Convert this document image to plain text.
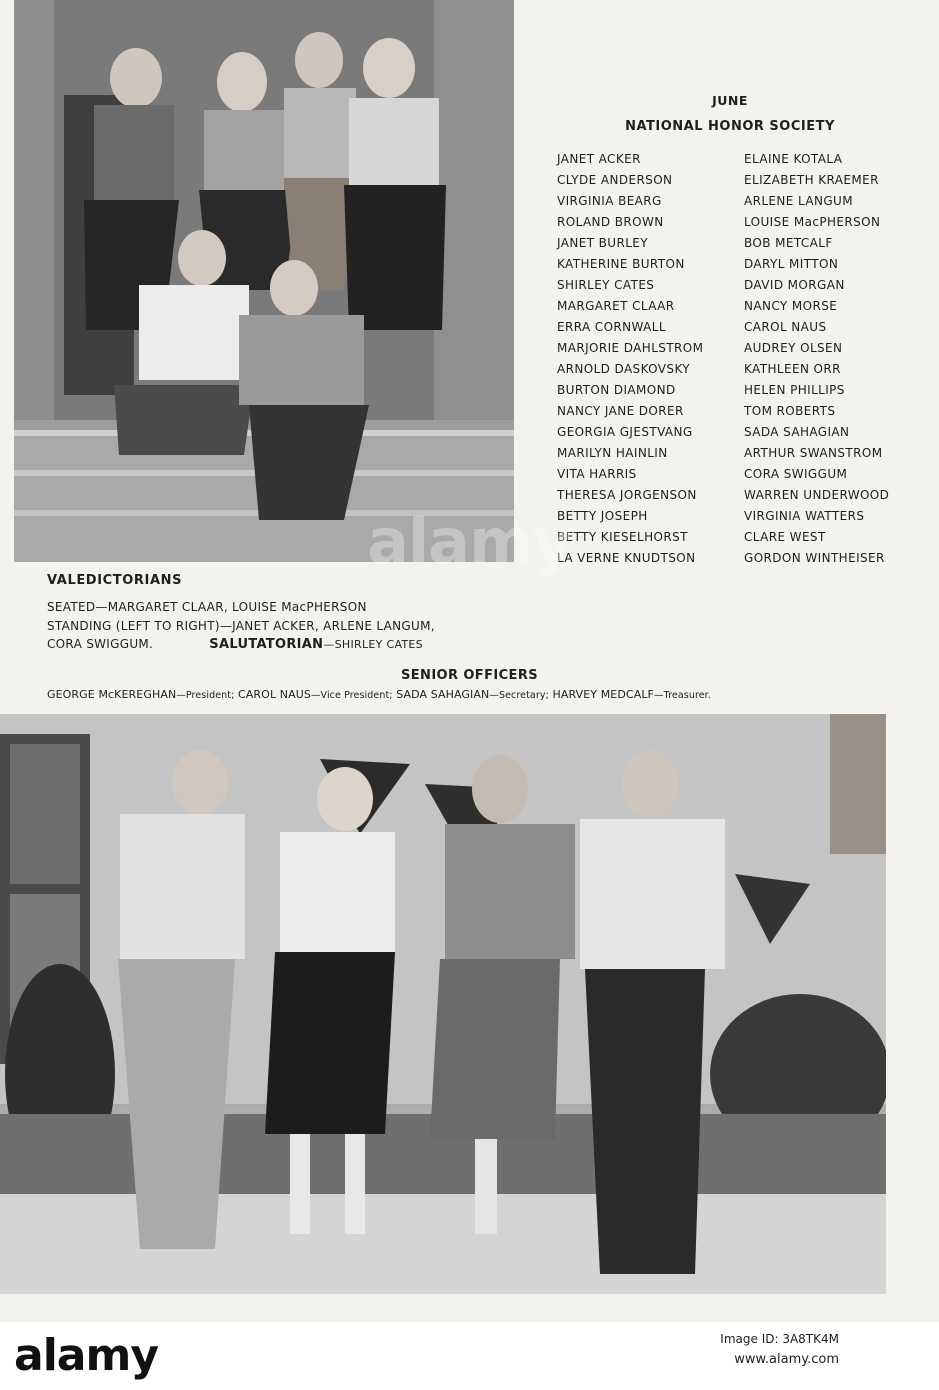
JUNE
NATIONAL HONOR SOCIETY
JANET ACKER
CLYDE ANDERSON
VIRGINIA BEARG
ROLAND BROWN
JANET BURLEY
KATHERINE BURTON
SHIRLEY CATES
MARGARET CLAAR
ERRA CORNWALL
MARJORIE DAHLSTROM
ARNOLD DASKOVSKY
BURTON DIAMOND
NANCY JANE DORER
GEORGIA GJESTVANG
MARILYN HAINLIN
VITA HARRIS
THERESA JORGENSON
BETTY JOSEPH
BETTY KIESELHORST
LA VERNE KNUDTSON
ELAINE KOTALA
ELIZABETH KRAEMER
ARLENE LANGUM
LOUISE MacPHERSON
BOB METCALF
DARYL MITTON
DAVID MORGAN
NANCY MORSE
CAROL NAUS
AUDREY OLSEN
KATHLEEN ORR
HELEN PHILLIPS
TOM ROBERTS
SADA SAHAGIAN
ARTHUR SWANSTROM
CORA SWIGGUM
WARREN UNDERWOOD
VIRGINIA WATTERS
CLARE WEST
GORDON WINTHEISER
VALEDICTORIANS
SEATED—MARGARET CLAAR, LOUISE MacPHERSON
STANDING (LEFT TO RIGHT)—JANET ACKER, ARLENE LANGUM,
CORA SWIGGUM.	SALUTATORIAN—SHIRLEY CATES
SENIOR OFFICERS
GEORGE McKEREGHAN—President; CAROL NAUS—Vice President; SADA SAHAGIAN—Secretary; HARVEY MEDCALF—Treasurer.
alamy
alamy	Image ID: 3A8TK4M
www.alamy.com
